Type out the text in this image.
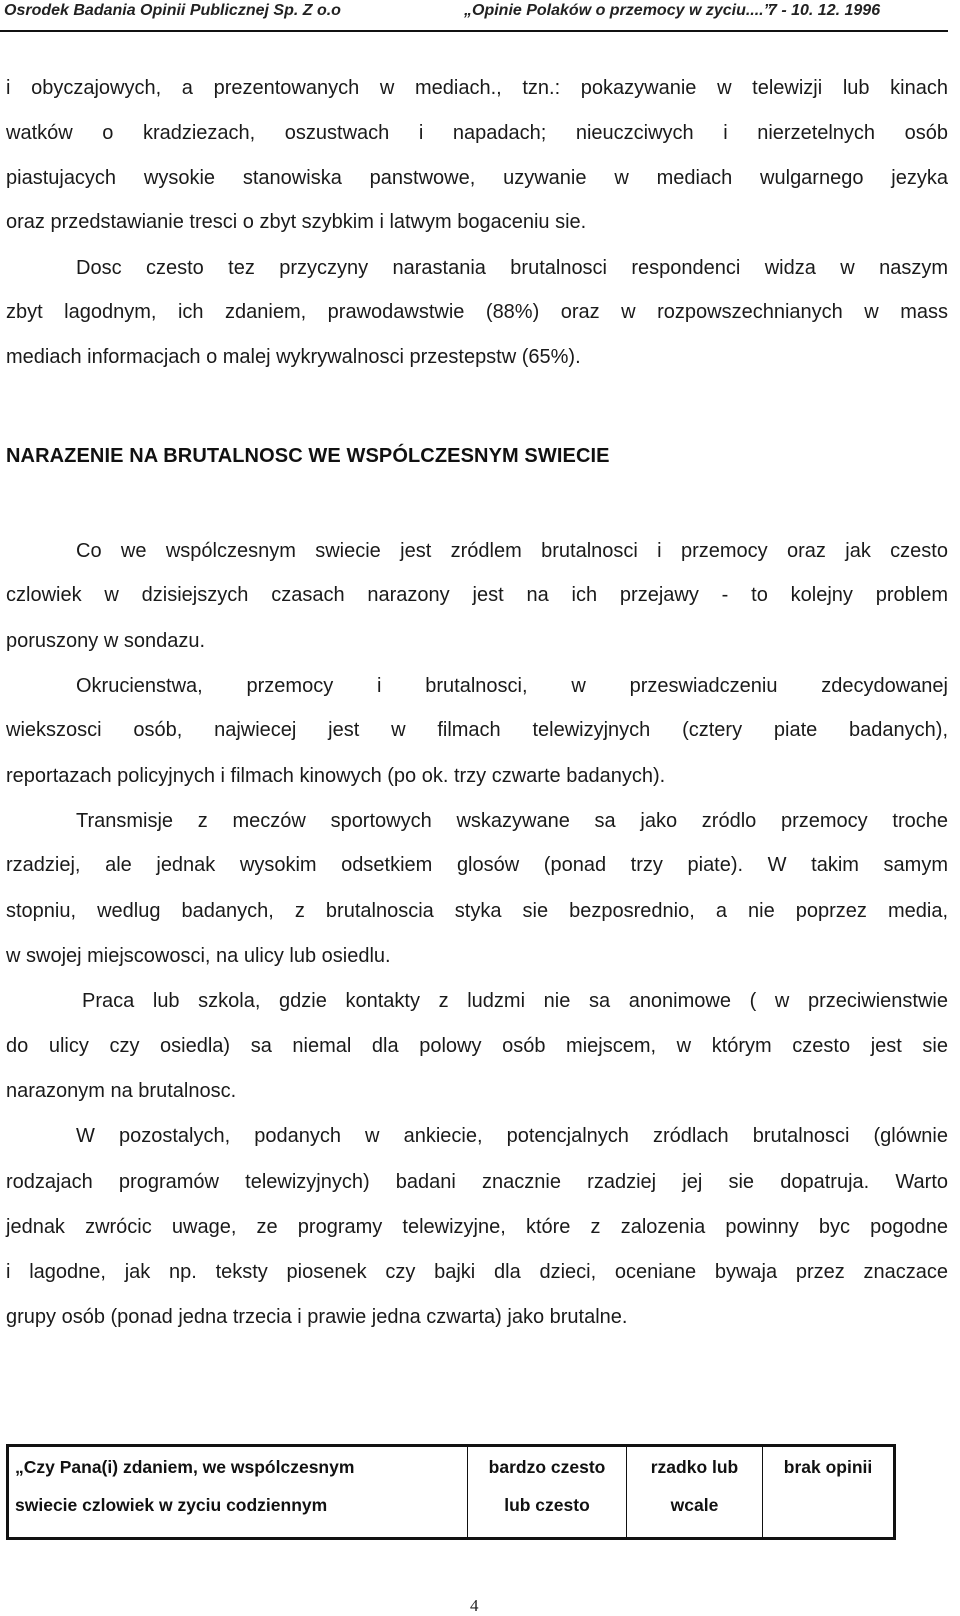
Osrodek Badania Opinii Publicznej Sp. Z o.o	„Opinie Polaków o przemocy w zyciu....”
7 - 10. 12. 1996
i obyczajowych, a prezentowanych w mediach., tzn.: pokazywanie w telewizji lub kinach
watków o kradziezach, oszustwach i napadach; nieuczciwych i nierzetelnych osób
piastujacych wysokie stanowiska panstwowe, uzywanie w mediach wulgarnego jezyka
oraz przedstawianie tresci o zbyt szybkim i latwym bogaceniu sie.
Dosc czesto tez przyczyny narastania brutalnosci respondenci widza w naszym
zbyt lagodnym, ich zdaniem, prawodawstwie (88%) oraz w rozpowszechnianych w mass
mediach informacjach o malej wykrywalnosci przestepstw (65%).
NARAZENIE NA BRUTALNOSC WE WSPÓLCZESNYM SWIECIE
Co we wspólczesnym swiecie jest zródlem brutalnosci i przemocy oraz jak czesto
czlowiek w dzisiejszych czasach narazony jest na ich przejawy - to kolejny problem
poruszony w sondazu.
Okrucienstwa, przemocy i brutalnosci, w przeswiadczeniu zdecydowanej
wiekszosci osób, najwiecej jest w filmach telewizyjnych (cztery piate badanych),
reportazach policyjnych i filmach kinowych (po ok. trzy czwarte badanych).
Transmisje z meczów sportowych wskazywane sa jako zródlo przemocy troche
rzadziej, ale jednak wysokim odsetkiem glosów (ponad trzy piate). W takim samym
stopniu, wedlug badanych, z brutalnoscia styka sie bezposrednio, a nie poprzez media,
w swojej miejscowosci, na ulicy lub osiedlu.
Praca lub szkola, gdzie kontakty z ludzmi nie sa anonimowe ( w przeciwienstwie
do ulicy czy osiedla) sa niemal dla polowy osób miejscem, w którym czesto jest sie
narazonym na brutalnosc.
W pozostalych, podanych w ankiecie, potencjalnych zródlach brutalnosci (glównie
rodzajach programów telewizyjnych) badani znacznie rzadziej jej sie dopatruja. Warto
jednak zwrócic uwage, ze programy telewizyjne, które z zalozenia powinny byc pogodne
i lagodne, jak np. teksty piosenek czy bajki dla dzieci, oceniane bywaja przez znaczace
grupy osób (ponad jedna trzecia i prawie jedna czwarta) jako brutalne.
„Czy Pana(i) zdaniem, we wspólczesnym
swiecie czlowiek w zyciu codziennym

bardzo czesto
lub czesto

rzadko lub
wcale

brak opinii
4
